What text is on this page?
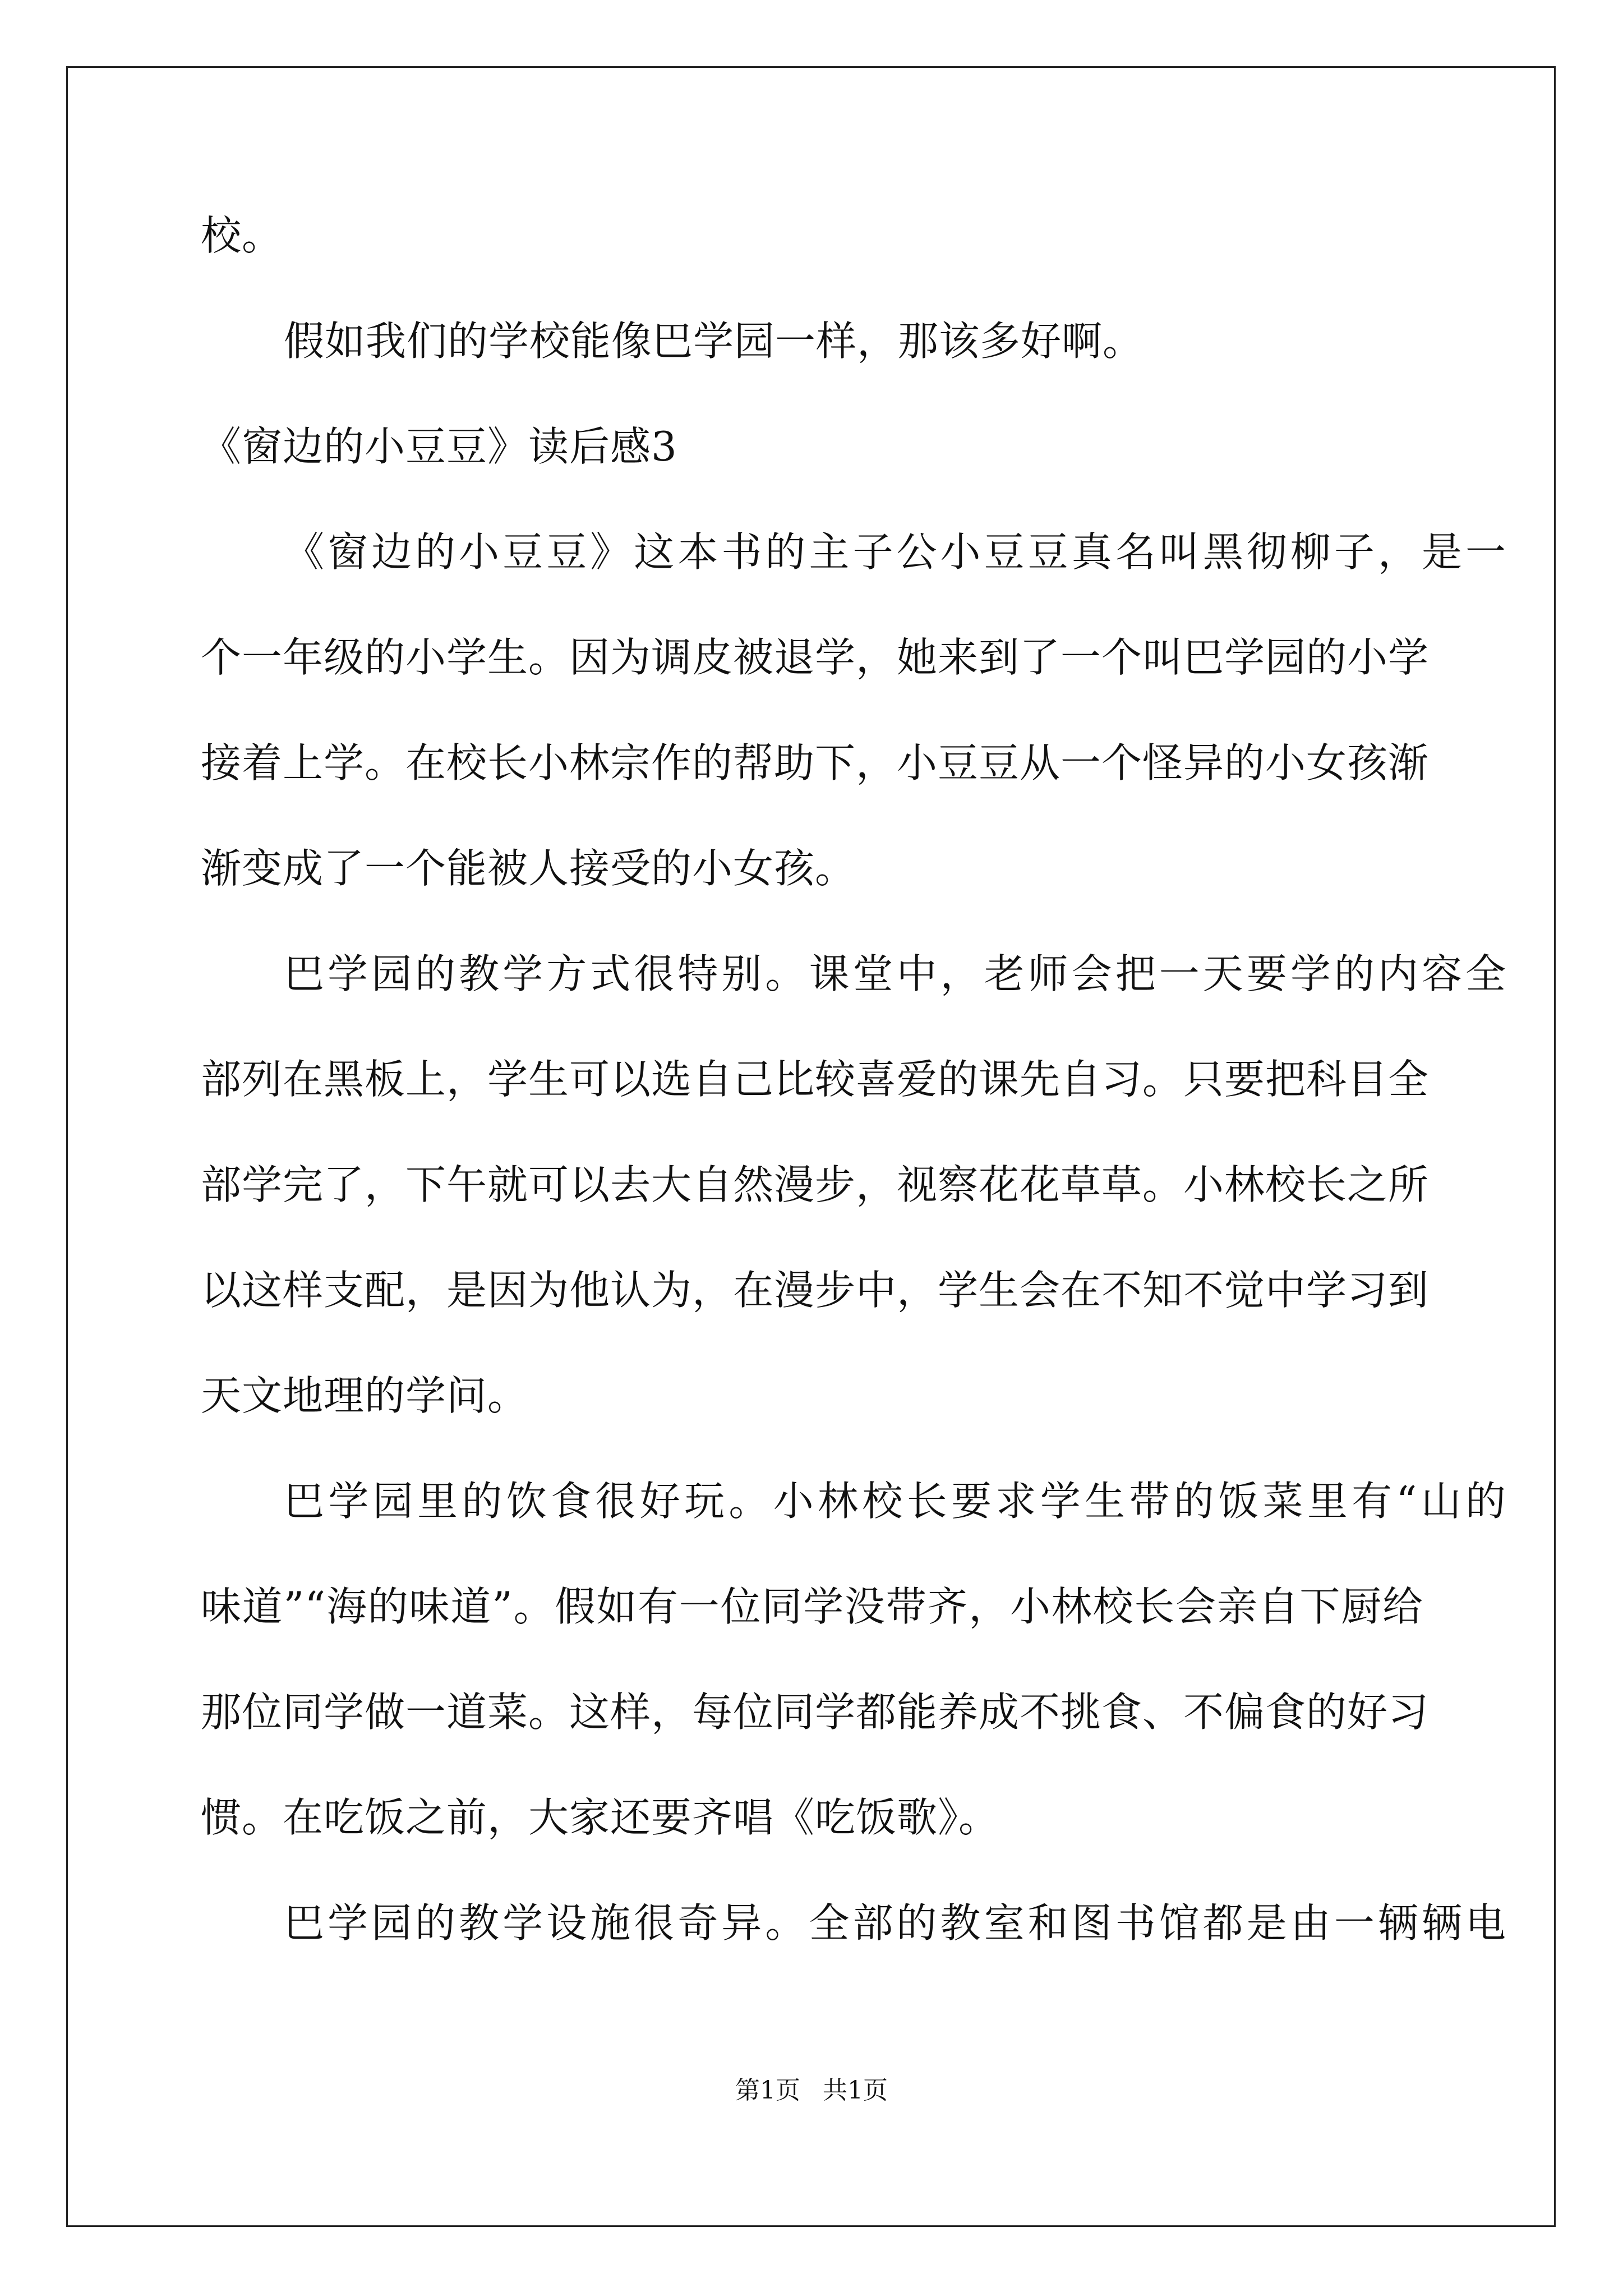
校。
假如我们的学校能像巴学园一样，那该多好啊。
《窗边的小豆豆》读后感3
《窗边的小豆豆》这本书的主子公小豆豆真名叫黑彻柳子，是一
个一年级的小学生。因为调皮被退学，她来到了一个叫巴学园的小学
接着上学。在校长小林宗作的帮助下，小豆豆从一个怪异的小女孩渐
渐变成了一个能被人接受的小女孩。
巴学园的教学方式很特别。课堂中，老师会把一天要学的内容全
部列在黑板上，学生可以选自己比较喜爱的课先自习。只要把科目全
部学完了，下午就可以去大自然漫步，视察花花草草。小林校长之所
以这样支配，是因为他认为，在漫步中，学生会在不知不觉中学习到
天文地理的学问。
巴学园里的饮食很好玩。小林校长要求学生带的饭菜里有“山的
味道”“海的味道”。假如有一位同学没带齐，小林校长会亲自下厨给
那位同学做一道菜。这样，每位同学都能养成不挑食、不偏食的好习
惯。在吃饭之前，大家还要齐唱《吃饭歌》。
巴学园的教学设施很奇异。全部的教室和图书馆都是由一辆辆电
第1页 共1页
